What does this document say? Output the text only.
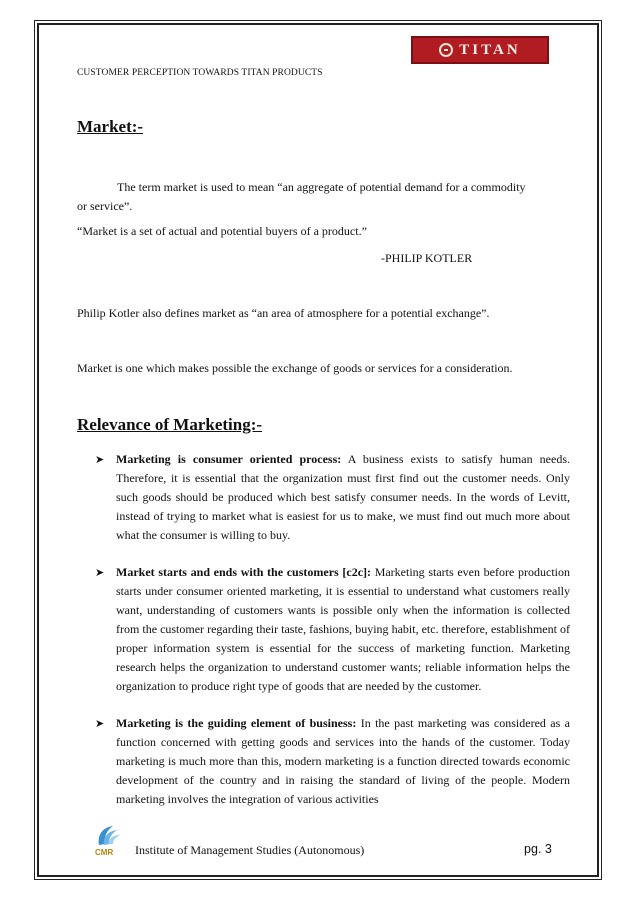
TITAN
CUSTOMER PERCEPTION TOWARDS TITAN PRODUCTS
Market:-
The term market is used to mean “an aggregate of potential demand for a commodity
or service”.
“Market is a set of actual and potential buyers of a product.”
-PHILIP KOTLER
Philip Kotler also defines market as “an area of atmosphere for a potential exchange”.
Market is one which makes possible the exchange of goods or services for a consideration.
Relevance of Marketing:-
➤ Marketing is consumer oriented process: A business exists to satisfy human needs. Therefore, it is essential that the organization must first find out the customer needs. Only such goods should be produced which best satisfy consumer needs. In the words of Levitt, instead of trying to market what is easiest for us to make, we must find out much more about what the consumer is willing to buy.
➤ Market starts and ends with the customers [c2c]: Marketing starts even before production starts under consumer oriented marketing, it is essential to understand what customers really want, understanding of customers wants is possible only when the information is collected from the customer regarding their taste, fashions, buying habit, etc. therefore, establishment of proper information system is essential for the success of marketing function. Marketing research helps the organization to understand customer wants; reliable information helps the organization to produce right type of goods that are needed by the customer.
➤ Marketing is the guiding element of business: In the past marketing was considered as a function concerned with getting goods and services into the hands of the customer. Today marketing is much more than this, modern marketing is a function directed towards economic development of the country and in raising the standard of living of the people. Modern marketing involves the integration of various activities
CMR Institute of Management Studies (Autonomous)	pg. 3
